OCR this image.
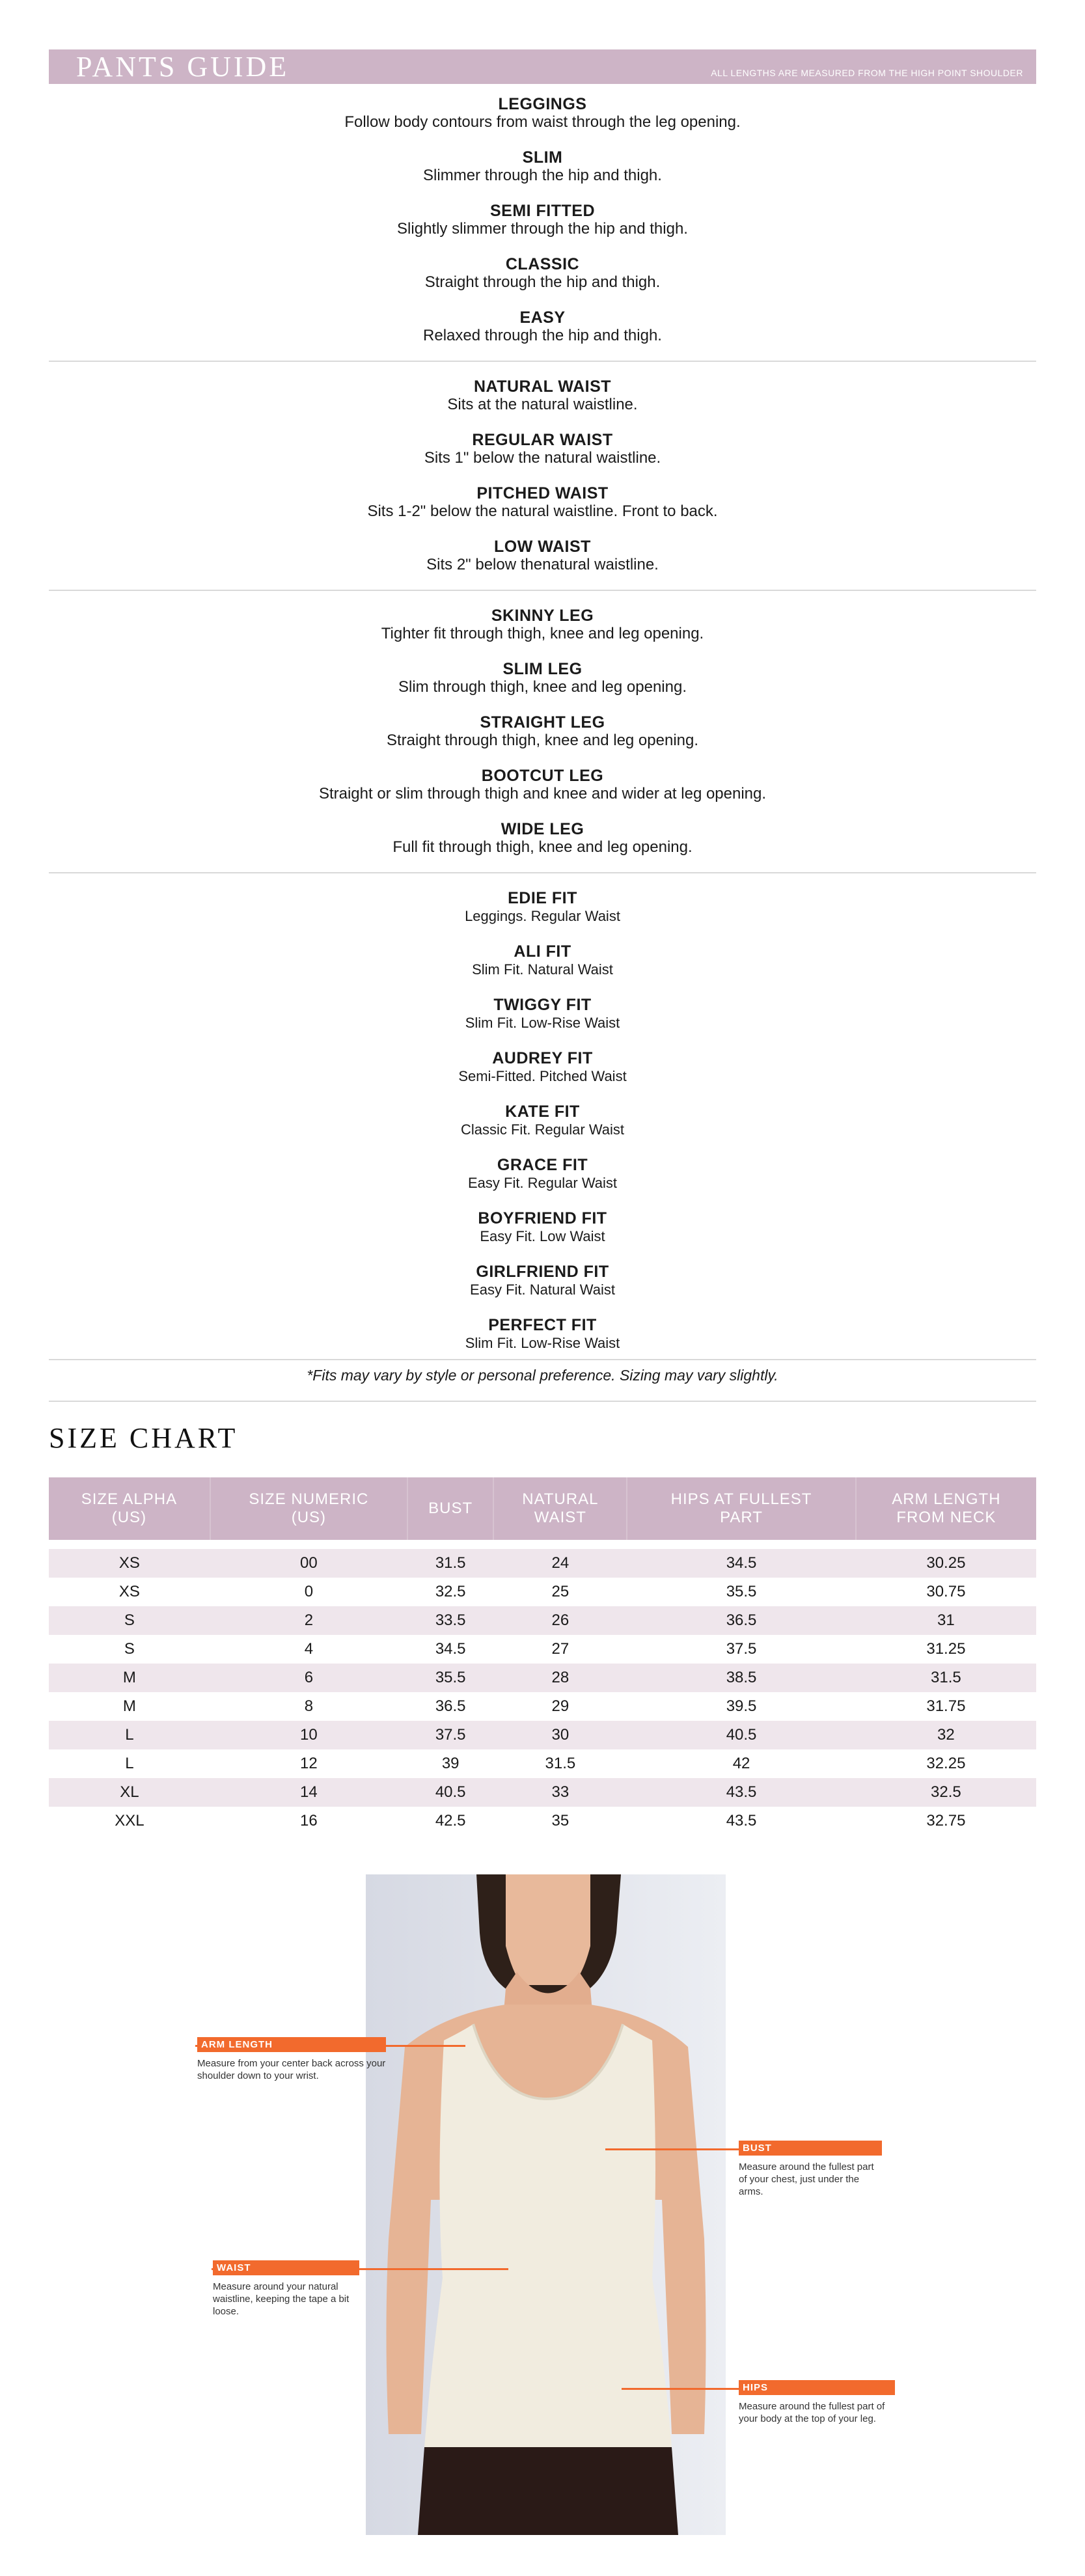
PANTS GUIDE	ALL LENGTHS ARE MEASURED FROM THE HIGH POINT SHOULDER
LEGGINGS
Follow body contours from waist through the leg opening.
SLIM
Slimmer through the hip and thigh.
SEMI FITTED
Slightly slimmer through the hip and thigh.
CLASSIC
Straight through the hip and thigh.
EASY
Relaxed through the hip and thigh.
NATURAL WAIST
Sits at the natural waistline.
REGULAR WAIST
Sits 1" below the natural waistline.
PITCHED WAIST
Sits 1-2" below the natural waistline. Front to back.
LOW WAIST
Sits 2" below thenatural waistline.
SKINNY LEG
Tighter fit through thigh, knee and leg opening.
SLIM LEG
Slim through thigh, knee and leg opening.
STRAIGHT LEG
Straight through thigh, knee and leg opening.
BOOTCUT LEG
Straight or slim through thigh and knee and wider at leg opening.
WIDE LEG
Full fit through thigh, knee and leg opening.
EDIE FIT
Leggings. Regular Waist
ALI FIT
Slim Fit. Natural Waist
TWIGGY FIT
Slim Fit. Low-Rise Waist
AUDREY FIT
Semi-Fitted. Pitched Waist
KATE FIT
Classic Fit. Regular Waist
GRACE FIT
Easy Fit. Regular Waist
BOYFRIEND FIT
Easy Fit. Low Waist
GIRLFRIEND FIT
Easy Fit. Natural Waist
PERFECT FIT
Slim Fit. Low-Rise Waist
*Fits may vary by style or personal preference. Sizing may vary slightly.
SIZE CHART
SIZE ALPHA
(US)	SIZE NUMERIC
(US)	BUST	NATURAL
WAIST	HIPS AT FULLEST
PART	ARM LENGTH
FROM NECK

XS	00	31.5	24	34.5	30.25
XS	0	32.5	25	35.5	30.75
S	2	33.5	26	36.5	31
S	4	34.5	27	37.5	31.25
M	6	35.5	28	38.5	31.5
M	8	36.5	29	39.5	31.75
L	10	37.5	30	40.5	32
L	12	39	31.5	42	32.25
XL	14	40.5	33	43.5	32.5
XXL	16	42.5	35	43.5	32.75
ARM LENGTH
Measure from your center back across your shoulder down to your wrist.
BUST
Measure around the fullest part of your chest, just under the arms.
WAIST
Measure around your natural waistline, keeping the tape a bit loose.
HIPS
Measure around the fullest part of your body at the top of your leg.
